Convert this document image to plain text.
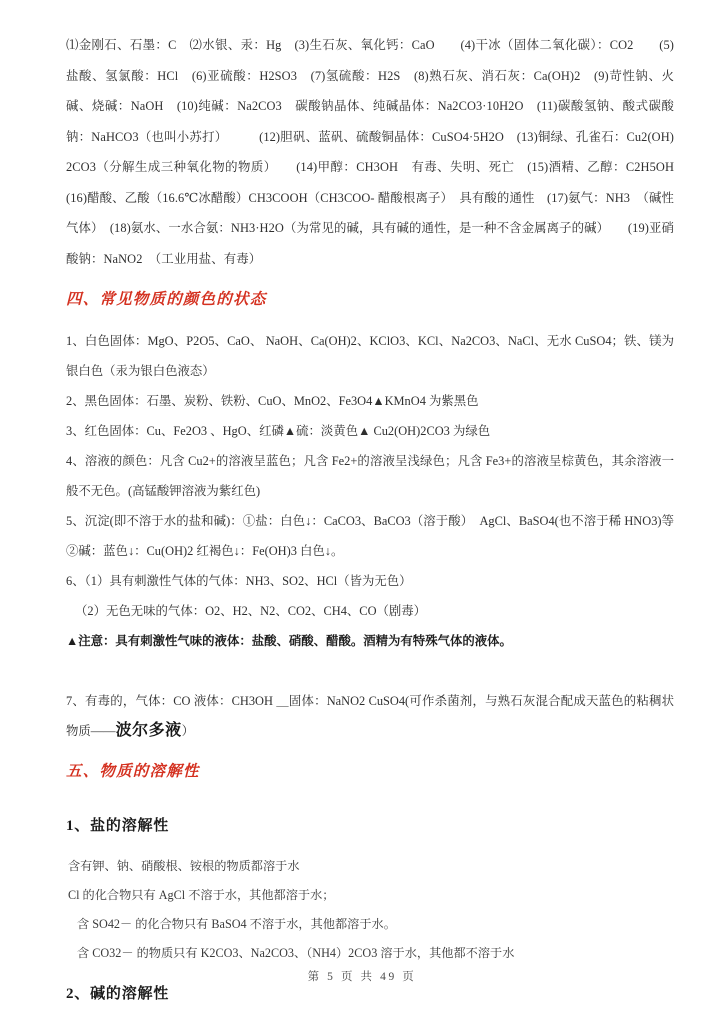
⑴金刚石、石墨：C　⑵水银、汞：Hg　(3)生石灰、氧化钙：CaO　　(4)干冰（固体二氧化碳）：CO2　　(5)盐酸、氢氯酸：HCl　(6)亚硫酸：H2SO3　(7)氢硫酸：H2S　(8)熟石灰、消石灰：Ca(OH)2　(9)苛性钠、火碱、烧碱：NaOH　(10)纯碱：Na2CO3　碳酸钠晶体、纯碱晶体：Na2CO3·10H2O　(11)碳酸氢钠、酸式碳酸钠：NaHCO3（也叫小苏打）　　　(12)胆矾、蓝矾、硫酸铜晶体：CuSO4·5H2O　(13)铜绿、孔雀石：Cu2(OH)2CO3（分解生成三种氧化物的物质）　　(14)甲醇：CH3OH　有毒、失明、死亡　(15)酒精、乙醇：C2H5OH　(16)醋酸、乙酸（16.6℃冰醋酸）CH3COOH（CH3COO- 醋酸根离子）　具有酸的通性　(17)氨气：NH3　（碱性气体）　(18)氨水、一水合氨：NH3·H2O（为常见的碱，具有碱的通性，是一种不含金属离子的碱）　　(19)亚硝酸钠：NaNO2　（工业用盐、有毒）

四、常见物质的颜色的状态

1、白色固体：MgO、P2O5、CaO、 NaOH、Ca(OH)2、KClO3、KCl、Na2CO3、NaCl、无水 CuSO4；铁、镁为银白色（汞为银白色液态）

2、黑色固体：石墨、炭粉、铁粉、CuO、MnO2、Fe3O4▲KMnO4 为紫黑色

3、红色固体：Cu、Fe2O3 、HgO、红磷▲硫：淡黄色▲ Cu2(OH)2CO3 为绿色

4、溶液的颜色：凡含 Cu2+的溶液呈蓝色；凡含 Fe2+的溶液呈浅绿色；凡含 Fe3+的溶液呈棕黄色，其余溶液一般不无色。(高锰酸钾溶液为紫红色)

5、沉淀(即不溶于水的盐和碱)：①盐：白色↓：CaCO3、BaCO3（溶于酸）　AgCl、BaSO4(也不溶于稀 HNO3)等②碱：蓝色↓：Cu(OH)2 红褐色↓：Fe(OH)3 白色↓。

6、（1）具有刺激性气体的气体：NH3、SO2、HCl（皆为无色）

（2）无色无味的气体：O2、H2、N2、CO2、CH4、CO（剧毒）

▲注意：具有刺激性气味的液体：盐酸、硝酸、醋酸。酒精为有特殊气体的液体。

7、有毒的，气体：CO 液体：CH3OH ＿固体：NaNO2 CuSO4(可作杀菌剂，与熟石灰混合配成天蓝色的粘稠状物质——波尔多液）

五、物质的溶解性
1、盐的溶解性

含有钾、钠、硝酸根、铵根的物质都溶于水

Cl 的化合物只有 AgCl 不溶于水，其他都溶于水；

含 SO42－ 的化合物只有 BaSO4 不溶于水，其他都溶于水。

含 CO32－ 的物质只有 K2CO3、Na2CO3、（NH4）2CO3 溶于水，其他都不溶于水

2、碱的溶解性
第 5 页 共 49 页
